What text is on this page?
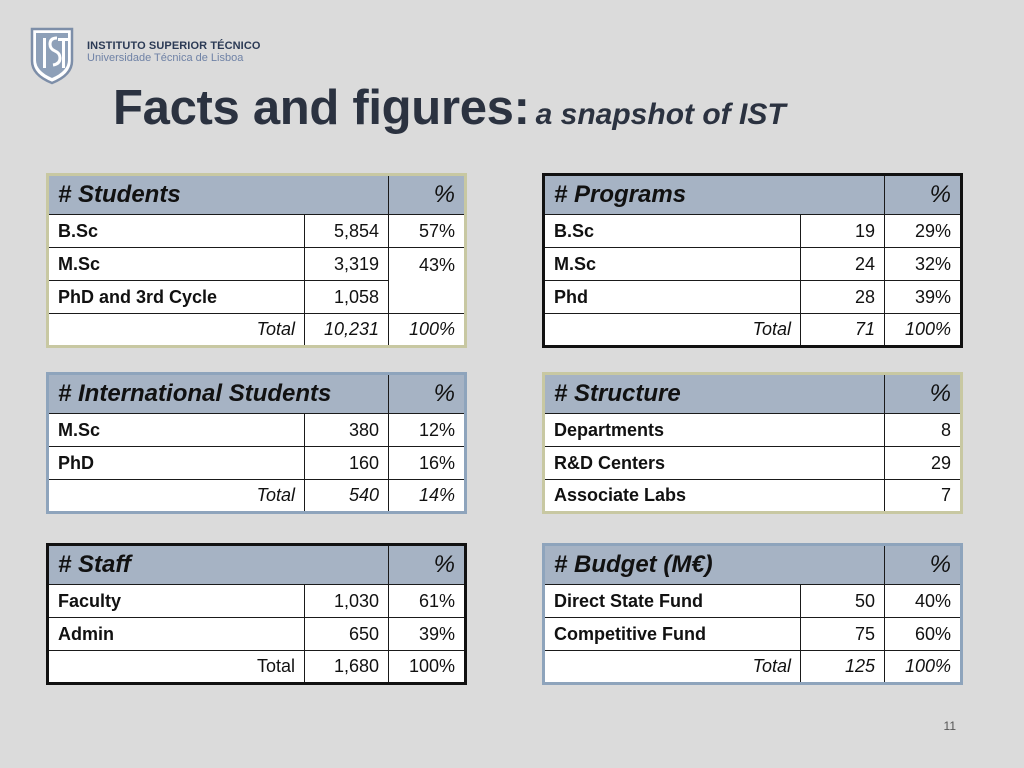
INSTITUTO SUPERIOR TÉCNICO
Universidade Técnica de Lisboa
Facts and figures: a snapshot of IST
# Students		%
B.Sc	5,854	57%
M.Sc	3,319	43%
PhD and 3rd Cycle	1,058	
Total	10,231	100%
# Programs		%
B.Sc	19	29%
M.Sc	24	32%
Phd	28	39%
Total	71	100%
# International Students		%
M.Sc	380	12%
PhD	160	16%
Total	540	14%
# Structure	%
Departments	8
R&D Centers	29
Associate Labs	7
# Staff		%
Faculty	1,030	61%
Admin	650	39%
Total	1,680	100%
# Budget (M€)		%
Direct State Fund	50	40%
Competitive Fund	75	60%
Total	125	100%
11
